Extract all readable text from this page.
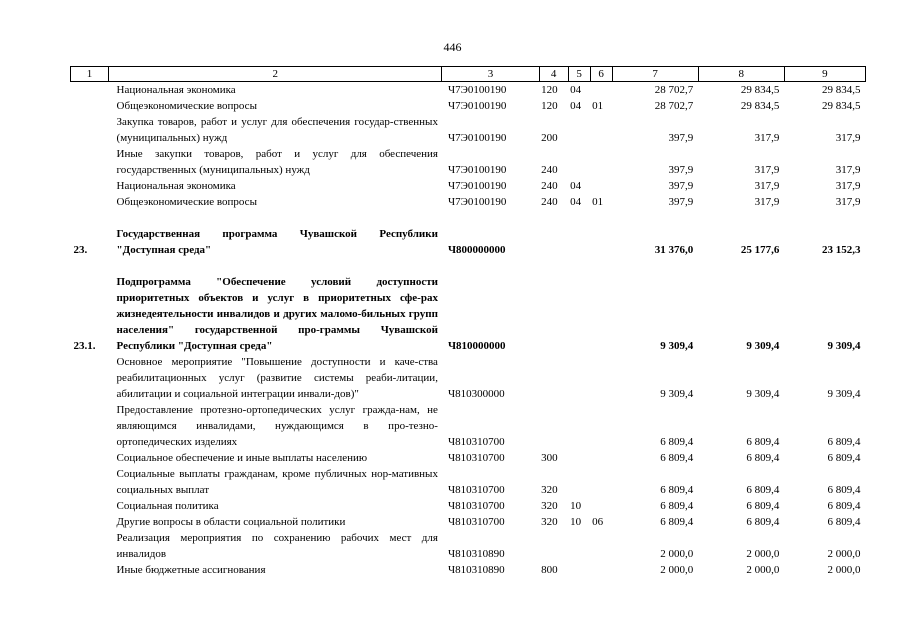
446
1	2	3	4	5	6	7	8	9
	Национальная экономика	Ч7Э0100190	120	04		28 702,7	29 834,5	29 834,5
	Общеэкономические вопросы	Ч7Э0100190	120	04	01	28 702,7	29 834,5	29 834,5
	Закупка товаров, работ и услуг для обеспечения государ-ственных (муниципальных) нужд	Ч7Э0100190	200			397,9	317,9	317,9
	Иные закупки товаров, работ и услуг для обеспечения государственных (муниципальных) нужд	Ч7Э0100190	240			397,9	317,9	317,9
	Национальная экономика	Ч7Э0100190	240	04		397,9	317,9	317,9
	Общеэкономические вопросы	Ч7Э0100190	240	04	01	397,9	317,9	317,9

23.	Государственная программа Чувашской Республики "Доступная среда"	Ч800000000				31 376,0	25 177,6	23 152,3

23.1.	Подпрограмма "Обеспечение условий доступности приоритетных объектов и услуг в приоритетных сфе-рах жизнедеятельности инвалидов и других маломо-бильных групп населения" государственной про-граммы Чувашской Республики "Доступная среда"	Ч810000000				9 309,4	9 309,4	9 309,4
	Основное мероприятие "Повышение доступности и каче-ства реабилитационных услуг (развитие системы реаби-литации, абилитации и социальной интеграции инвали-дов)"	Ч810300000				9 309,4	9 309,4	9 309,4
	Предоставление протезно-ортопедических услуг гражда-нам, не являющимся инвалидами, нуждающимся в про-тезно-ортопедических изделиях	Ч810310700				6 809,4	6 809,4	6 809,4
	Социальное обеспечение и иные выплаты населению	Ч810310700	300			6 809,4	6 809,4	6 809,4
	Социальные выплаты гражданам, кроме публичных нор-мативных социальных выплат	Ч810310700	320			6 809,4	6 809,4	6 809,4
	Социальная политика	Ч810310700	320	10		6 809,4	6 809,4	6 809,4
	Другие вопросы в области социальной политики	Ч810310700	320	10	06	6 809,4	6 809,4	6 809,4
	Реализация мероприятия по сохранению рабочих мест для инвалидов	Ч810310890				2 000,0	2 000,0	2 000,0
	Иные бюджетные ассигнования	Ч810310890	800			2 000,0	2 000,0	2 000,0
